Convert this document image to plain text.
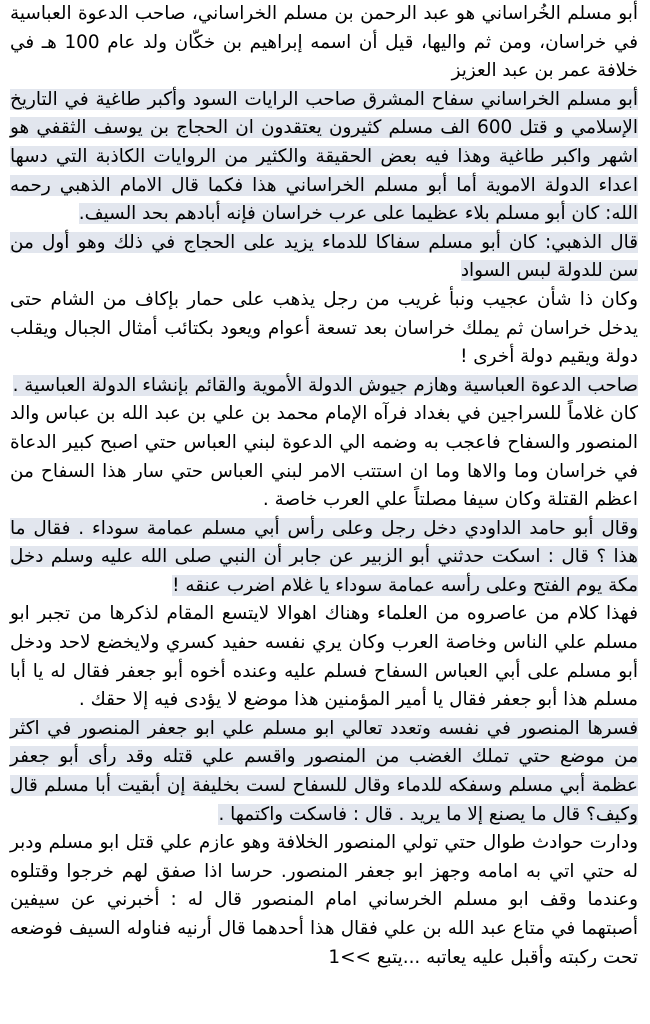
أبو مسلم الخُراساني هو عبد الرحمن بن مسلم الخراساني، صاحب الدعوة العباسية في خراسان، ومن ثم واليها، قيل أن اسمه إبراهيم بن خكّان ولد عام 100 هـ في خلافة عمر بن عبد العزيز

أبو مسلم الخراساني سفاح المشرق صاحب الرايات السود وأكبر طاغية في التاريخ الإسلامي و قتل 600 الف مسلم كثيرون يعتقدون ان الحجاج بن يوسف الثقفي هو اشهر واكبر طاغية وهذا فيه بعض الحقيقة والكثير من الروايات الكاذبة التي دسها اعداء الدولة الاموية أما أبو مسلم الخراساني هذا فكما قال الامام الذهبي رحمه الله: كان أبو مسلم بلاء عظيما على عرب خراسان فإنه أبادهم بحد السيف.

قال الذهبي: كان أبو مسلم سفاكا للدماء يزيد على الحجاج في ذلك وهو أول من سن للدولة لبس السواد

وكان ذا شأن عجيب ونبأ غريب من رجل يذهب على حمار بإكاف من الشام حتى يدخل خراسان ثم يملك خراسان بعد تسعة أعوام ويعود بكتائب أمثال الجبال ويقلب دولة ويقيم دولة أخرى !

صاحب الدعوة العباسية وهازم جيوش الدولة الأموية والقائم بإنشاء الدولة العباسية .

كان غلاماً للسراجين في بغداد فرآه الإمام محمد بن علي بن عبد الله بن عباس والد المنصور والسفاح فاعجب به وضمه الي الدعوة لبني العباس حتي اصبح كبير الدعاة في خراسان وما والاها وما ان استتب الامر لبني العباس حتي سار هذا السفاح من اعظم القتلة وكان سيفا مصلتاً علي العرب خاصة .

وقال أبو حامد الداودي دخل رجل وعلى رأس أبي مسلم عمامة سوداء . فقال ما هذا ؟ قال : اسكت حدثني أبو الزبير عن جابر أن النبي صلى الله عليه وسلم دخل مكة يوم الفتح وعلى رأسه عمامة سوداء يا غلام اضرب عنقه !

فهذا كلام من عاصروه من العلماء وهناك اهوالا لايتسع المقام لذكرها من تجبر ابو مسلم علي الناس وخاصة العرب وكان يري نفسه حفيد كسري ولايخضع لاحد ودخل أبو مسلم على أبي العباس السفاح فسلم عليه وعنده أخوه أبو جعفر فقال له يا أبا مسلم هذا أبو جعفر فقال يا أمير المؤمنين هذا موضع لا يؤدى فيه إلا حقك .

فسرها المنصور في نفسه وتعدد تعالي ابو مسلم علي ابو جعفر المنصور في اكثر من موضع حتي تملك الغضب من المنصور واقسم علي قتله وقد رأى أبو جعفر عظمة أبي مسلم وسفكه للدماء وقال للسفاح لست بخليفة إن أبقيت أبا مسلم قال وكيف؟ قال ما يصنع إلا ما يريد . قال : فاسكت واكتمها .

ودارت حوادث طوال حتي تولي المنصور الخلافة وهو عازم علي قتل ابو مسلم ودبر له حتي اتي به امامه وجهز ابو جعفر المنصور. حرسا اذا صفق لهم خرجوا وقتلوه وعندما وقف ابو مسلم الخرساني امام المنصور قال له : أخبرني عن سيفين أصبتهما في متاع عبد الله بن علي فقال هذا أحدهما قال أرنيه فناوله السيف فوضعه تحت ركبته وأقبل عليه يعاتبه ...يتبع >>1
